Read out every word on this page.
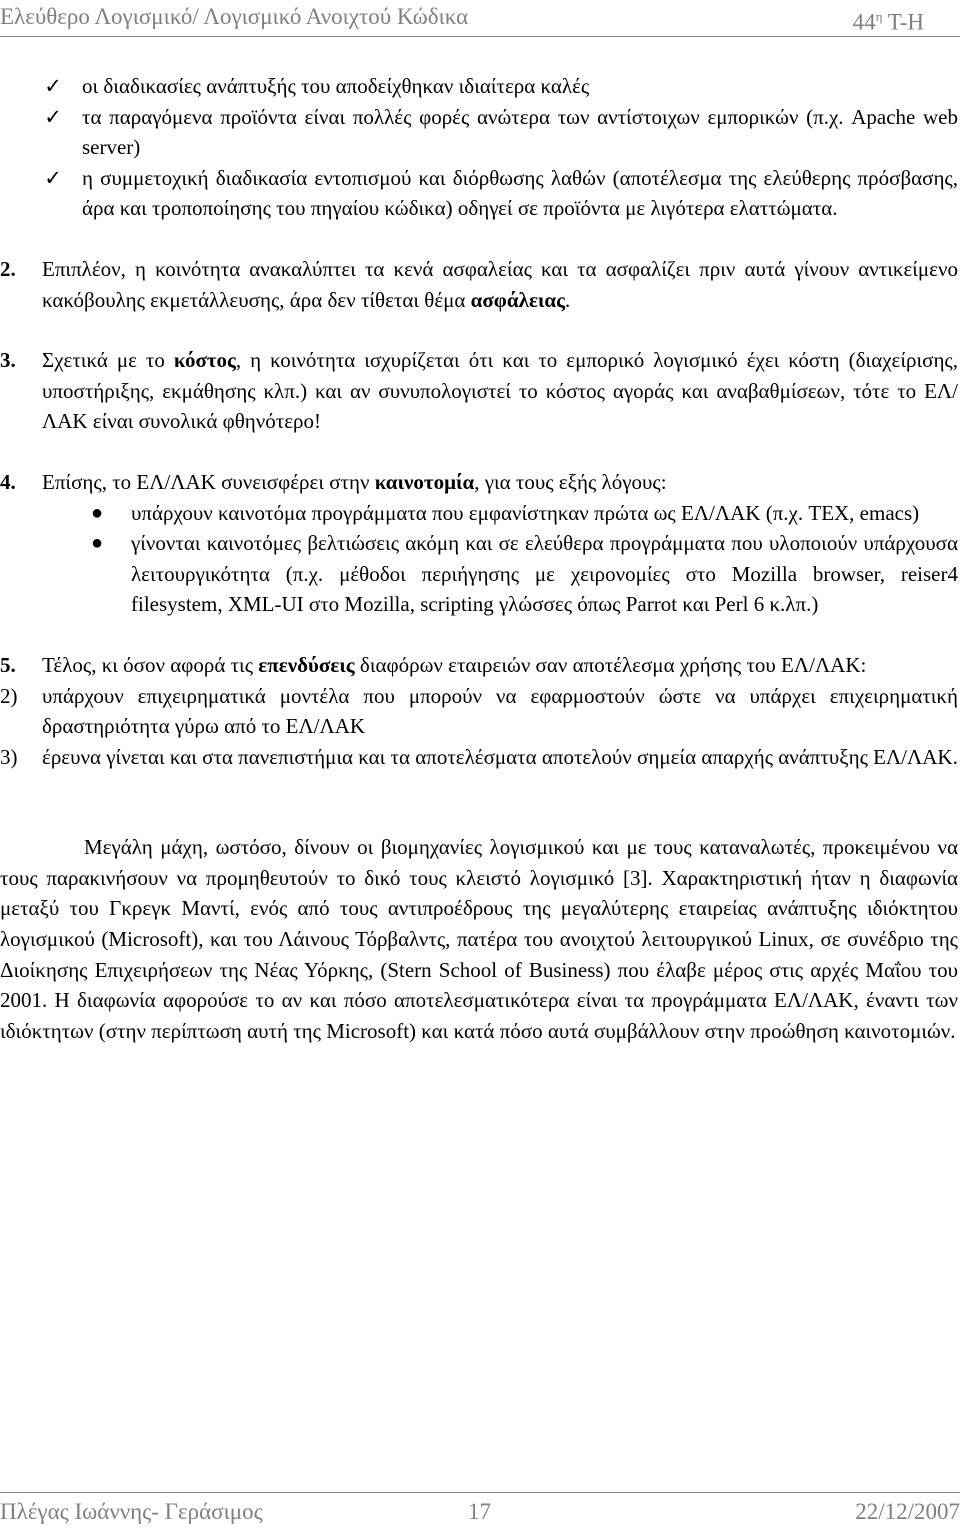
Ελεύθερο Λογισμικό/ Λογισμικό Ανοιχτού Κώδικα	$44^\eta$ Τ-Η
✓ οι διαδικασίες ανάπτυξής του αποδείχθηκαν ιδιαίτερα καλές
✓ τα παραγόμενα προϊόντα είναι πολλές φορές ανώτερα των αντίστοιχων εμπορικών (π.χ. Apache web server)
✓ η συμμετοχική διαδικασία εντοπισμού και διόρθωσης λαθών (αποτέλεσμα της ελεύθερης πρόσβασης, άρα και τροποποίησης του πηγαίου κώδικα) οδηγεί σε προϊόντα με λιγότερα ελαττώματα.
2. Επιπλέον, η κοινότητα ανακαλύπτει τα κενά ασφαλείας και τα ασφαλίζει πριν αυτά γίνουν αντικείμενο κακόβουλης εκμετάλλευσης, άρα δεν τίθεται θέμα ασφάλειας.
3. Σχετικά με το κόστος, η κοινότητα ισχυρίζεται ότι και το εμπορικό λογισμικό έχει κόστη (διαχείρισης, υποστήριξης, εκμάθησης κλπ.) και αν συνυπολογιστεί το κόστος αγοράς και αναβαθμίσεων, τότε το ΕΛ/ΛΑΚ είναι συνολικά φθηνότερο!
4. Επίσης, το ΕΛ/ΛΑΚ συνεισφέρει στην καινοτομία, για τους εξής λόγους:
●	υπάρχουν καινοτόμα προγράμματα που εμφανίστηκαν πρώτα ως ΕΛ/ΛΑΚ (π.χ. TEX, emacs)
●	γίνονται καινοτόμες βελτιώσεις ακόμη και σε ελεύθερα προγράμματα που υλοποιούν υπάρχουσα λειτουργικότητα (π.χ. μέθοδοι περιήγησης με χειρονομίες στο Mozilla browser, reiser4 filesystem, XML-UI στο Mozilla, scripting γλώσσες όπως Parrot και Perl 6 κ.λπ.)
5. Τέλος, κι όσον αφορά τις επενδύσεις διαφόρων εταιρειών σαν αποτέλεσμα χρήσης του ΕΛ/ΛΑΚ:
2) υπάρχουν επιχειρηματικά μοντέλα που μπορούν να εφαρμοστούν ώστε να υπάρχει επιχειρηματική δραστηριότητα γύρω από το ΕΛ/ΛΑΚ
3) έρευνα γίνεται και στα πανεπιστήμια και τα αποτελέσματα αποτελούν σημεία απαρχής ανάπτυξης ΕΛ/ΛΑΚ.

Μεγάλη μάχη, ωστόσο, δίνουν οι βιομηχανίες λογισμικού και με τους καταναλωτές, προκειμένου να τους παρακινήσουν να προμηθευτούν το δικό τους κλειστό λογισμικό [3]. Χαρακτηριστική ήταν η διαφωνία μεταξύ του Γκρεγκ Μαντί, ενός από τους αντιπροέδρους της μεγαλύτερης εταιρείας ανάπτυξης ιδιόκτητου λογισμικού (Microsoft), και του Λάινους Τόρβαλντς, πατέρα του ανοιχτού λειτουργικού Linux, σε συνέδριο της Διοίκησης Επιχειρήσεων της Νέας Υόρκης, (Stern School of Business) που έλαβε μέρος στις αρχές Μαΐου του 2001. Η διαφωνία αφορούσε το αν και πόσο αποτελεσματικότερα είναι τα προγράμματα ΕΛ/ΛΑΚ, έναντι των ιδιόκτητων (στην περίπτωση αυτή της Microsoft) και κατά πόσο αυτά συμβάλλουν στην προώθηση καινοτομιών.

Πλέγας Ιωάννης- Γεράσιμος	17	22/12/2007
